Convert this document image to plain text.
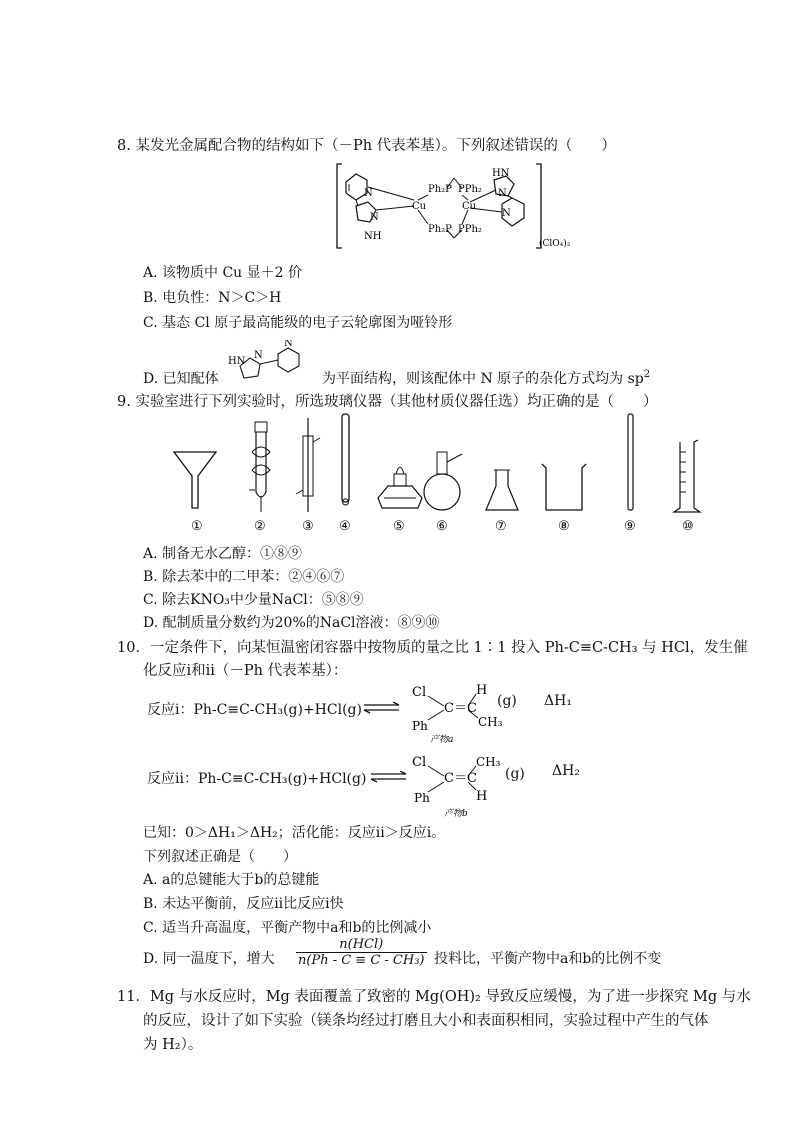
8. 某发光金属配合物的结构如下（－Ph 代表苯基）。下列叙述错误的（　　）
Ph₂P PPh₂
Ph₂P PPh₂
Cu	Cu
N
N
NH
HN
N
N
(ClO₄)₂
A. 该物质中 Cu 显＋2 价
B. 电负性：N＞C＞H
C. 基态 Cl 原子最高能级的电子云轮廓图为哑铃形
D. 已知配体
HN
N
N
为平面结构，则该配体中 N 原子的杂化方式均为 $sp^2$
9. 实验室进行下列实验时，所选玻璃仪器（其他材质仪器任选）均正确的是（　　）
①	②	③ ④	⑤ ⑥	⑦	⑧	⑨	⑩
A. 制备无水乙醇：①⑧⑨
B. 除去苯中的二甲苯：②④⑥⑦
C. 除去KNO₃中少量NaCl：⑤⑧⑨
D. 配制质量分数约为20%的NaCl溶液：⑧⑨⑩
10．一定条件下，向某恒温密闭容器中按物质的量之比 1∶1 投入 Ph-C≡C-CH₃ 与 HCl，发生催
化反应i和ii（－Ph 代表苯基）：
反应i：Ph-C≡C-CH₃(g)+HCl(g) ⇌
Cl
C＝C
H
Ph	CH₃
产物a
(g) ΔH₁
反应ii：Ph-C≡C-CH₃(g)+HCl(g) ⇌
Cl
C＝C
CH₃
Ph	H
产物b
(g) ΔH₂
已知：0＞ΔH₁＞ΔH₂；活化能：反应ii＞反应i。
下列叙述正确是（　　）
A. a的总键能大于b的总键能
B. 未达平衡前，反应ii比反应i快
C. 适当升高温度，平衡产物中a和b的比例减小
D. 同一温度下，增大 $\frac{\text{n(HCl)}}{\text{n(Ph - C ≡ C - CH₃)}}$ 投料比，平衡产物中a和b的比例不变
11．Mg 与水反应时，Mg 表面覆盖了致密的 Mg(OH)₂ 导致反应缓慢，为了进一步探究 Mg 与水
的反应，设计了如下实验（镁条均经过打磨且大小和表面积相同，实验过程中产生的气体
为 H₂）。
